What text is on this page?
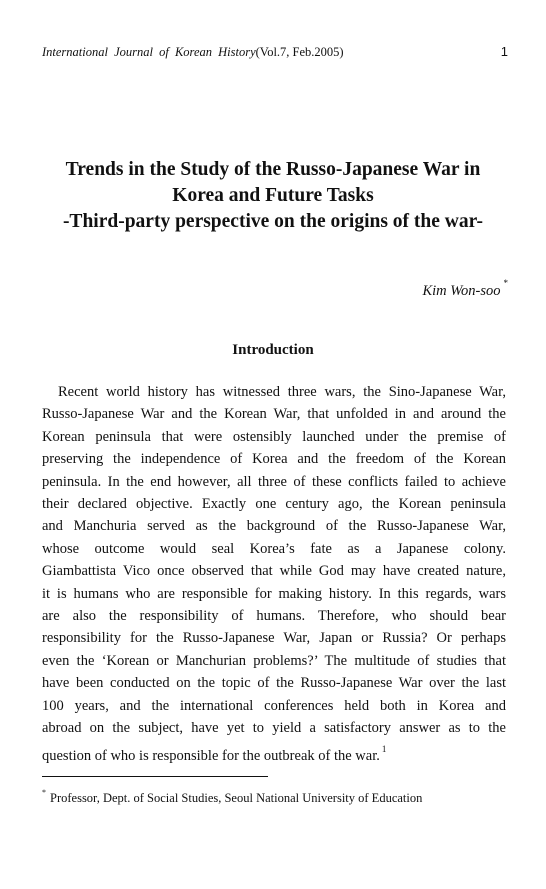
International Journal of Korean History(Vol.7, Feb.2005)	1
Trends in the Study of the Russo-Japanese War in
Korea and Future Tasks
-Third-party perspective on the origins of the war-
Kim Won-soo *
Introduction
Recent world history has witnessed three wars, the Sino-Japanese War,
Russo-Japanese War and the Korean War, that unfolded in and around the
Korean peninsula that were ostensibly launched under the premise of
preserving the independence of Korea and the freedom of the Korean
peninsula. In the end however, all three of these conflicts failed to achieve
their declared objective. Exactly one century ago, the Korean peninsula
and Manchuria served as the background of the Russo-Japanese War,
whose outcome would seal Korea’s fate as a Japanese colony.
Giambattista Vico once observed that while God may have created nature,
it is humans who are responsible for making history. In this regards, wars
are also the responsibility of humans. Therefore, who should bear
responsibility for the Russo-Japanese War, Japan or Russia? Or perhaps
even the ‘Korean or Manchurian problems?’ The multitude of studies that
have been conducted on the topic of the Russo-Japanese War over the last
100 years, and the international conferences held both in Korea and
abroad on the subject, have yet to yield a satisfactory answer as to the
question of who is responsible for the outbreak of the war. $^1$
* Professor, Dept. of Social Studies, Seoul National University of Education
